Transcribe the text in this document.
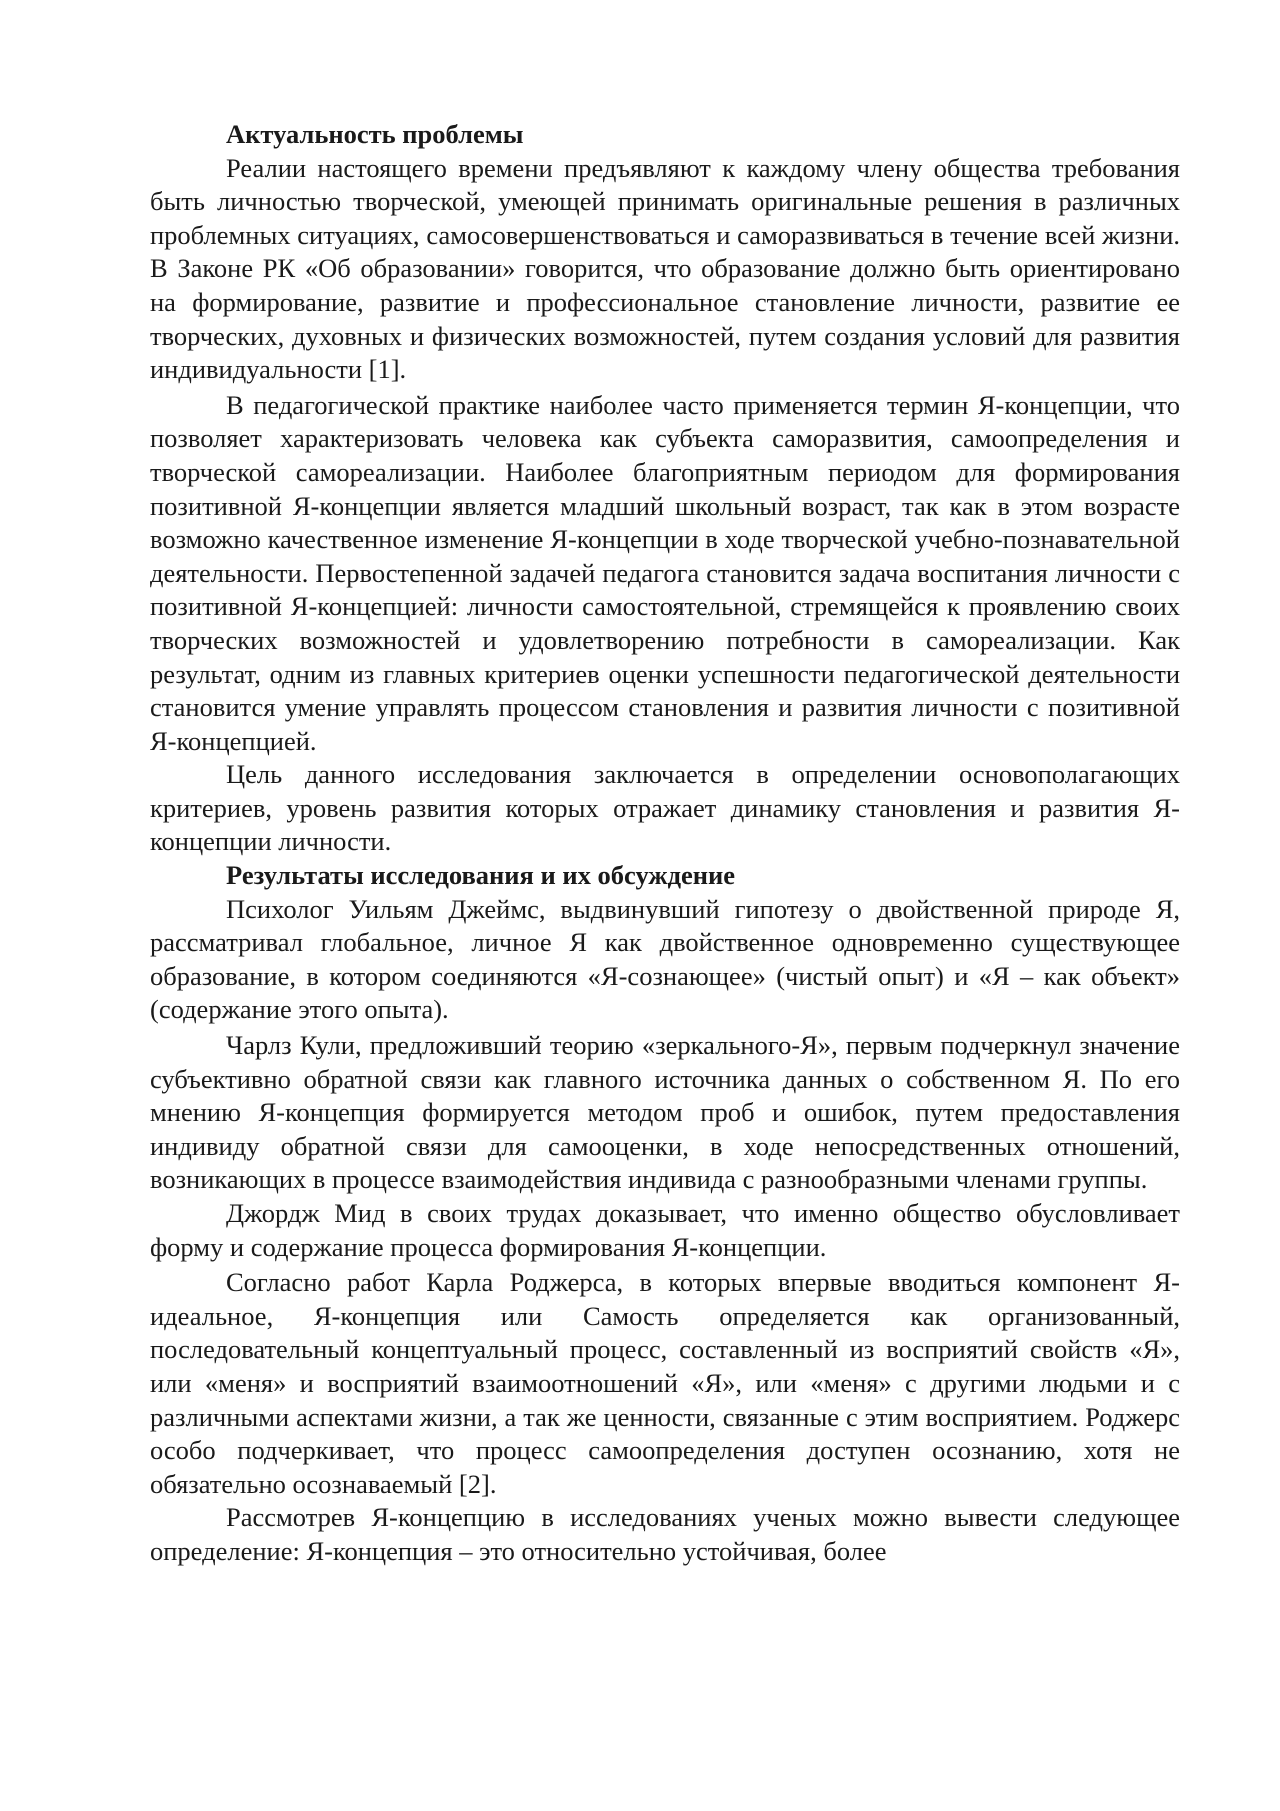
Актуальность проблемы

Реалии настоящего времени предъявляют к каждому члену общества требования быть личностью творческой, умеющей принимать оригинальные решения в различных проблемных ситуациях, самосовершенствоваться и саморазвиваться в течение всей жизни. В Законе РК «Об образовании» говорится, что образование должно быть ориентировано на формирование, развитие и профессиональное становление личности, развитие ее творческих, духовных и физических возможностей, путем создания условий для развития индивидуальности [1].

В педагогической практике наиболее часто применяется термин Я-концепции, что позволяет характеризовать человека как субъекта саморазвития, самоопределения и творческой самореализации. Наиболее благоприятным периодом для формирования позитивной Я-концепции является младший школьный возраст, так как в этом возрасте возможно качественное изменение Я-концепции в ходе творческой учебно-познавательной деятельности. Первостепенной задачей педагога становится задача воспитания личности с позитивной Я-концепцией: личности самостоятельной, стремящейся к проявлению своих творческих возможностей и удовлетворению потребности в самореализации. Как результат, одним из главных критериев оценки успешности педагогической деятельности становится умение управлять процессом становления и развития личности с позитивной Я-концепцией.

Цель данного исследования заключается в определении основополагающих критериев, уровень развития которых отражает динамику становления и развития Я-концепции личности.

Результаты исследования и их обсуждение

Психолог Уильям Джеймс, выдвинувший гипотезу о двойственной природе Я, рассматривал глобальное, личное Я как двойственное одновременно существующее образование, в котором соединяются «Я-сознающее» (чистый опыт) и «Я – как объект» (содержание этого опыта).

Чарлз Кули, предложивший теорию «зеркального-Я», первым подчеркнул значение субъективно обратной связи как главного источника данных о собственном Я. По его мнению Я-концепция формируется методом проб и ошибок, путем предоставления индивиду обратной связи для самооценки, в ходе непосредственных отношений, возникающих в процессе взаимодействия индивида с разнообразными членами группы.

Джордж Мид в своих трудах доказывает, что именно общество обусловливает форму и содержание процесса формирования Я-концепции.

Согласно работ Карла Роджерса, в которых впервые вводиться компонент Я-идеальное, Я-концепция или Самость определяется как организованный, последовательный концептуальный процесс, составленный из восприятий свойств «Я», или «меня» и восприятий взаимоотношений «Я», или «меня» с другими людьми и с различными аспектами жизни, а так же ценности, связанные с этим восприятием. Роджерс особо подчеркивает, что процесс самоопределения доступен осознанию, хотя не обязательно осознаваемый [2].

Рассмотрев Я-концепцию в исследованиях ученых можно вывести следующее определение: Я-концепция – это относительно устойчивая, более
